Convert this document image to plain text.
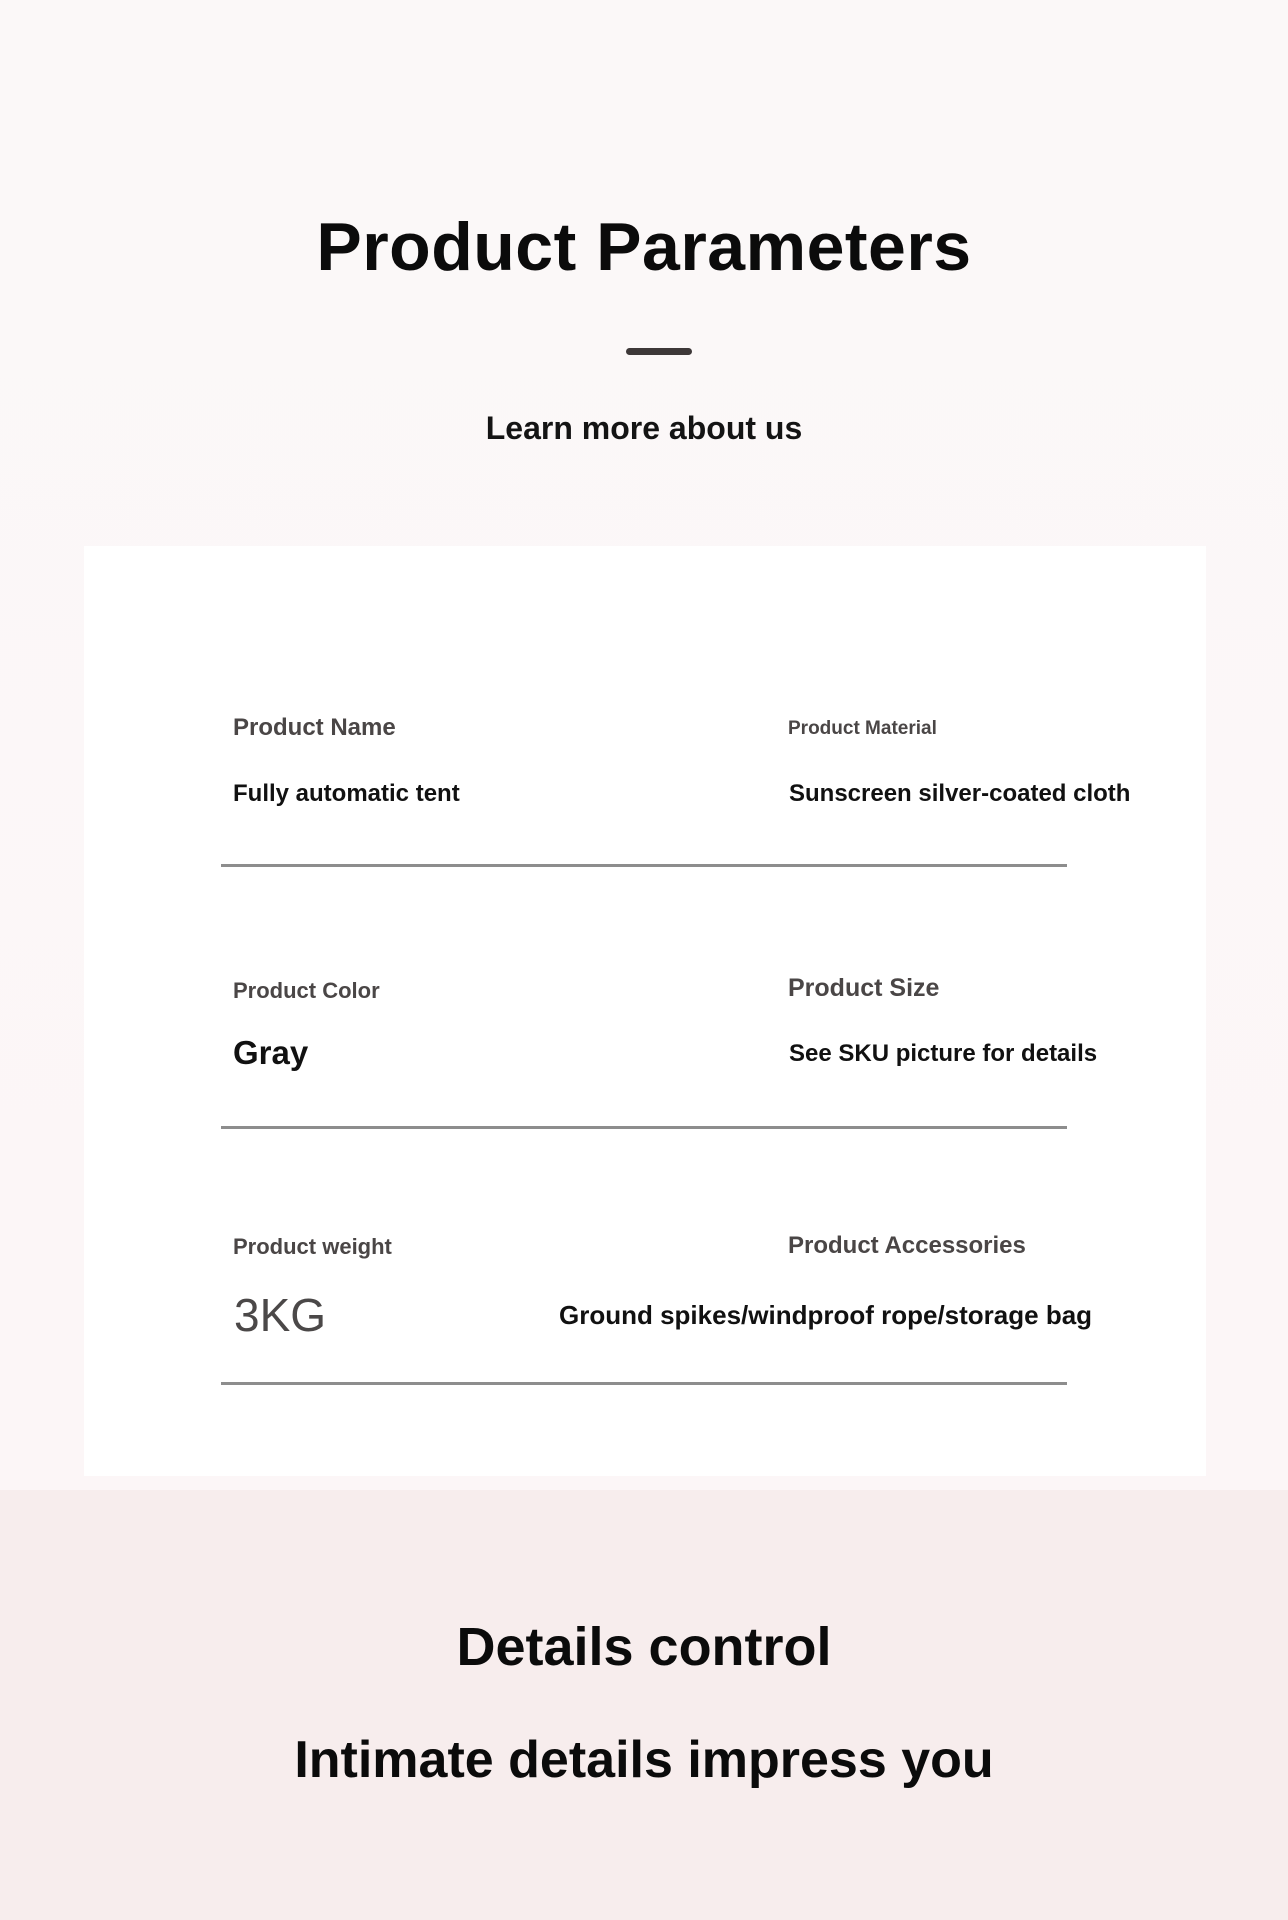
Product Parameters
Learn more about us
Product Name
Fully automatic tent
Product Material
Sunscreen silver-coated cloth
Product Color
Gray
Product Size
See SKU picture for details
Product weight
3KG
Product Accessories
Ground spikes/windproof rope/storage bag
Details control
Intimate details impress you
